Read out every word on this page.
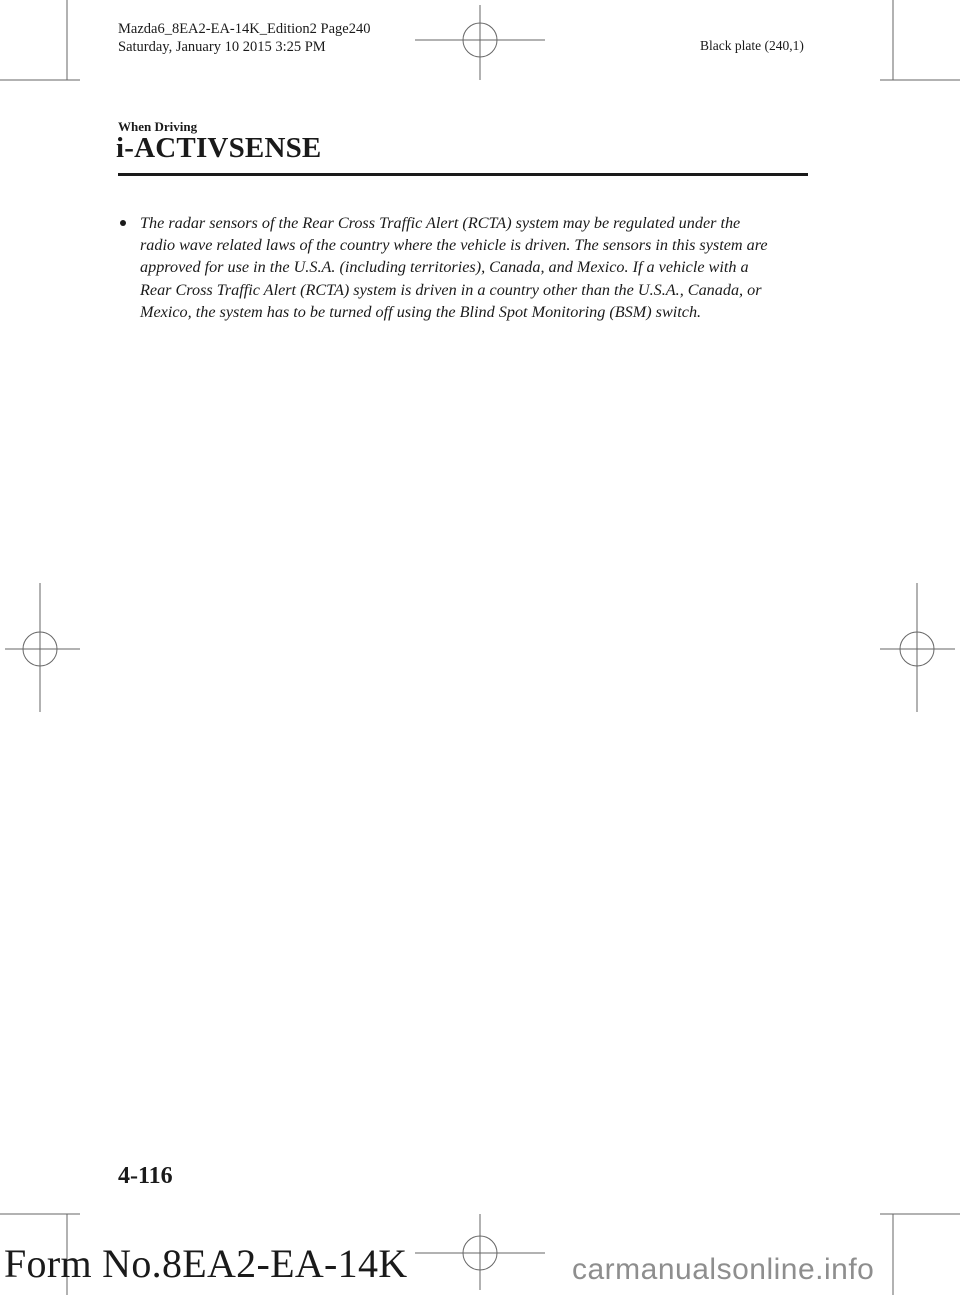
Mazda6_8EA2-EA-14K_Edition2 Page240
Saturday, January 10 2015 3:25 PM	Black plate (240,1)
When Driving
i-ACTIVSENSE
The radar sensors of the Rear Cross Traffic Alert (RCTA) system may be regulated under the
radio wave related laws of the country where the vehicle is driven. The sensors in this system are
approved for use in the U.S.A. (including territories), Canada, and Mexico. If a vehicle with a
Rear Cross Traffic Alert (RCTA) system is driven in a country other than the U.S.A., Canada, or
Mexico, the system has to be turned off using the Blind Spot Monitoring (BSM) switch.
4-116
Form No.8EA2-EA-14K	carmanualsonline.info
